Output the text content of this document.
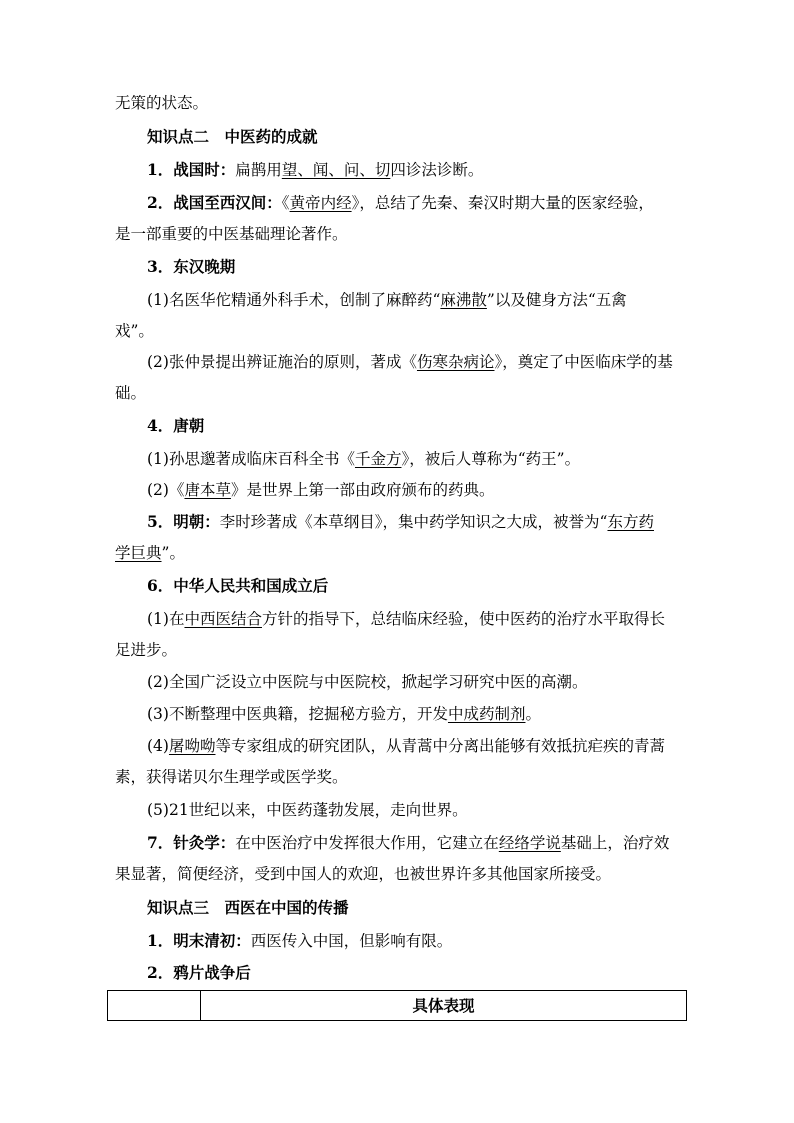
无策的状态。
知识点二　中医药的成就
1．战国时：扁鹊用望、闻、问、切四诊法诊断。
2．战国至西汉间：《黄帝内经》，总结了先秦、秦汉时期大量的医家经验，
是一部重要的中医基础理论著作。
3．东汉晚期
(1)名医华佗精通外科手术，创制了麻醉药“麻沸散”以及健身方法“五禽
戏”。
(2)张仲景提出辨证施治的原则，著成《伤寒杂病论》，奠定了中医临床学的基
础。
4．唐朝
(1)孙思邈著成临床百科全书《千金方》，被后人尊称为“药王”。
(2)《唐本草》是世界上第一部由政府颁布的药典。
5．明朝：李时珍著成《本草纲目》，集中药学知识之大成，被誉为“东方药
学巨典”。
6．中华人民共和国成立后
(1)在中西医结合方针的指导下，总结临床经验，使中医药的治疗水平取得长
足进步。
(2)全国广泛设立中医院与中医院校，掀起学习研究中医的高潮。
(3)不断整理中医典籍，挖掘秘方验方，开发中成药制剂。
(4)屠呦呦等专家组成的研究团队，从青蒿中分离出能够有效抵抗疟疾的青蒿
素，获得诺贝尔生理学或医学奖。
(5)21世纪以来，中医药蓬勃发展，走向世界。
7．针灸学：在中医治疗中发挥很大作用，它建立在经络学说基础上，治疗效
果显著，简便经济，受到中国人的欢迎，也被世界许多其他国家所接受。
知识点三　西医在中国的传播
1．明末清初：西医传入中国，但影响有限。
2．鸦片战争后
	具体表现
